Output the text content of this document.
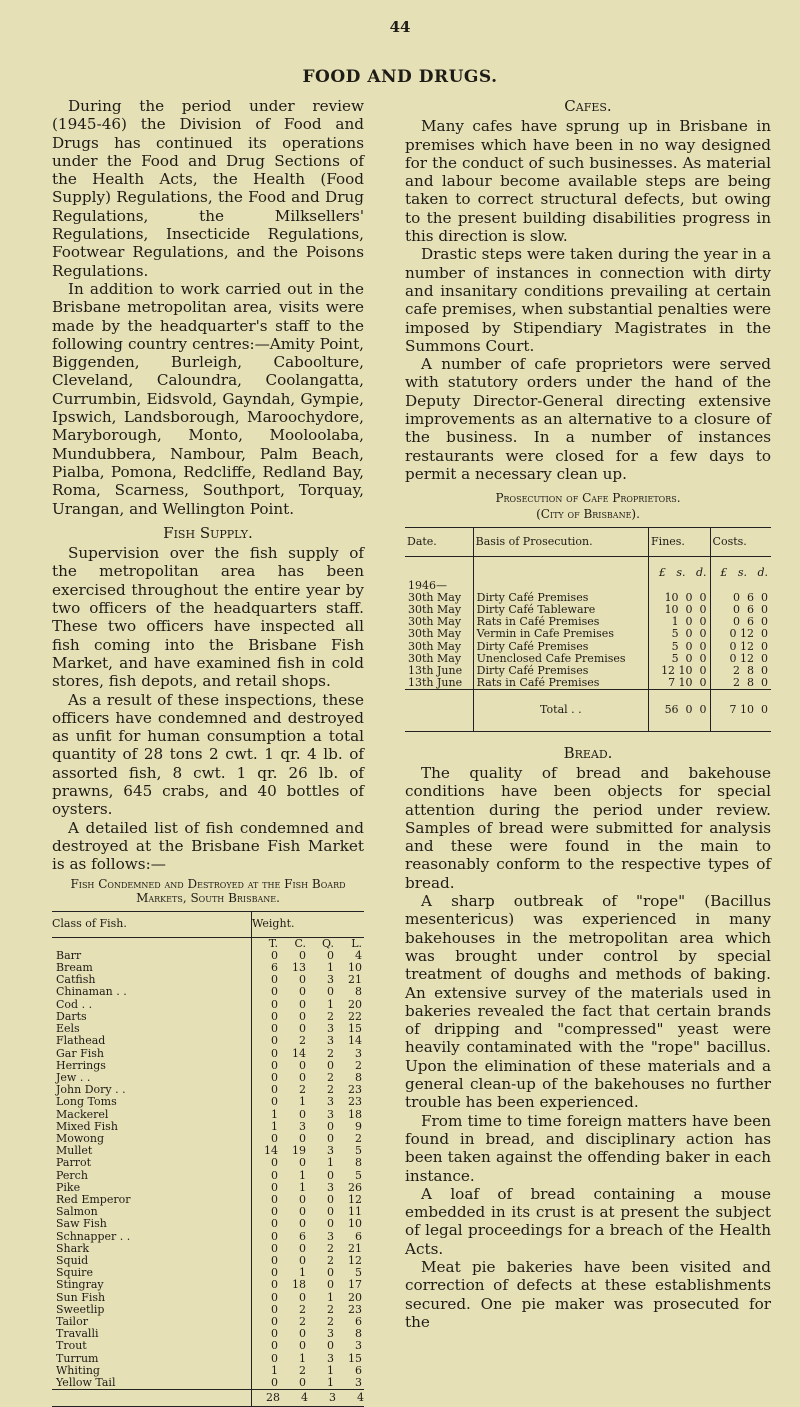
44
FOOD AND DRUGS.

During the period under review (1945-46) the Division of Food and Drugs has continued its operations under the Food and Drug Sections of the Health Acts, the Health (Food Supply) Regulations, the Food and Drug Regulations, the Milksellers' Regulations, Insecticide Regulations, Footwear Regulations, and the Poisons Regulations.

In addition to work carried out in the Brisbane metropolitan area, visits were made by the headquarter's staff to the following country centres:—Amity Point, Biggenden, Burleigh, Caboolture, Cleveland, Caloundra, Coolangatta, Currumbin, Eidsvold, Gayndah, Gympie, Ipswich, Landsborough, Maroochydore, Maryborough, Monto, Mooloolaba, Mundubbera, Nambour, Palm Beach, Pialba, Pomona, Redcliffe, Redland Bay, Roma, Scarness, Southport, Torquay, Urangan, and Wellington Point.

Fish Supply.

Supervision over the fish supply of the metropolitan area has been exercised throughout the entire year by two officers of the headquarters staff. These two officers have inspected all fish coming into the Brisbane Fish Market, and have examined fish in cold stores, fish depots, and retail shops.

As a result of these inspections, these officers have condemned and destroyed as unfit for human consumption a total quantity of 28 tons 2 cwt. 1 qr. 4 lb. of assorted fish, 8 cwt. 1 qr. 26 lb. of prawns, 645 crabs, and 40 bottles of oysters.

A detailed list of fish condemned and destroyed at the Brisbane Fish Market is as follows:—

Fish Condemned and Destroyed at the Fish Board Markets, South Brisbane.
Class of Fish.	Weight.			
	T.	C.	Q.	L.
Barr	0	0	0	4
Bream	6	13	1	10
Catfish	0	0	3	21
Chinaman . .	0	0	0	8
Cod . .	0	0	1	20
Darts	0	0	2	22
Eels	0	0	3	15
Flathead	0	2	3	14
Gar Fish	0	14	2	3
Herrings	0	0	0	2
Jew . .	0	0	2	8
John Dory . .	0	2	2	23
Long Toms	0	1	3	23
Mackerel	1	0	3	18
Mixed Fish	1	3	0	9
Mowong	0	0	0	2
Mullet	14	19	3	5
Parrot	0	0	1	8
Perch	0	1	0	5
Pike	0	1	3	26
Red Emperor	0	0	0	12
Salmon	0	0	0	11
Saw Fish	0	0	0	10
Schnapper . .	0	6	3	6
Shark	0	0	2	21
Squid	0	0	2	12
Squire	0	1	0	5
Stingray	0	18	0	17
Sun Fish	0	0	1	20
Sweetlip	0	2	2	23
Tailor	0	2	2	6
Travalli	0	0	3	8
Trout	0	0	0	3
Turrum	0	1	3	15
Whiting	1	2	1	6
Yellow Tail	0	0	1	3
	28	4	3	4
Cafes.

Many cafes have sprung up in Brisbane in premises which have been in no way designed for the conduct of such businesses. As material and labour become available steps are being taken to correct structural defects, but owing to the present building disabilities progress in this direction is slow.

Drastic steps were taken during the year in a number of instances in connection with dirty and insanitary conditions prevailing at certain cafe premises, when substantial penalties were imposed by Stipendiary Magistrates in the Summons Court.

A number of cafe proprietors were served with statutory orders under the hand of the Deputy Director-General directing extensive improvements as an alternative to a closure of the business. In a number of instances restaurants were closed for a few days to permit a necessary clean up.

Prosecution of Cafe Proprietors.
(City of Brisbane).
Date.	Basis of Prosecution.	Fines.	Costs.

1946—		£   s.   d.	£   s.   d.
30th May	Dirty Café Premises	10  0  0	0  6  0
30th May	Dirty Café Tableware	10  0  0	0  6  0
30th May	Rats in Café Premises	1  0  0	0  6  0
30th May	Vermin in Cafe Premises	5  0  0	0 12  0
30th May	Dirty Café Premises	5  0  0	0 12  0
30th May	Unenclosed Cafe Premises	5  0  0	0 12  0
13th June	Dirty Café Premises	12 10  0	2  8  0
13th June	Rats in Café Premises	7 10  0	2  8  0
	Total . .	56  0  0	7 10  0
Bread.

The quality of bread and bakehouse conditions have been objects for special attention during the period under review. Samples of bread were submitted for analysis and these were found in the main to reasonably conform to the respective types of bread.

A sharp outbreak of "rope" (Bacillus mesentericus) was experienced in many bakehouses in the metropolitan area which was brought under control by special treatment of doughs and methods of baking. An extensive survey of the materials used in bakeries revealed the fact that certain brands of dripping and "compressed" yeast were heavily contaminated with the "rope" bacillus. Upon the elimination of these materials and a general clean-up of the bakehouses no further trouble has been experienced.

From time to time foreign matters have been found in bread, and disciplinary action has been taken against the offending baker in each instance.

A loaf of bread containing a mouse embedded in its crust is at present the subject of legal proceedings for a breach of the Health Acts.

Meat pie bakeries have been visited and correction of defects at these establishments secured. One pie maker was prosecuted for the
